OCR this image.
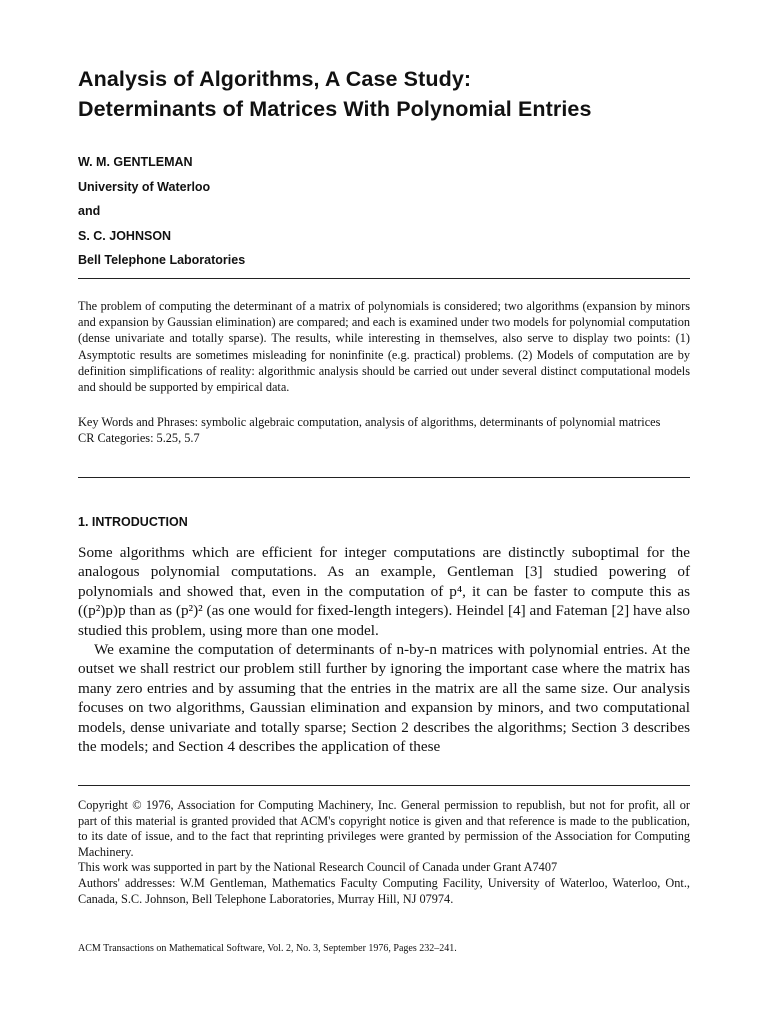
Analysis of Algorithms, A Case Study:
Determinants of Matrices With Polynomial Entries
W. M. GENTLEMAN
University of Waterloo
and
S. C. JOHNSON
Bell Telephone Laboratories

The problem of computing the determinant of a matrix of polynomials is considered; two algorithms (expansion by minors and expansion by Gaussian elimination) are compared; and each is examined under two models for polynomial computation (dense univariate and totally sparse). The results, while interesting in themselves, also serve to display two points: (1) Asymptotic results are sometimes misleading for noninfinite (e.g. practical) problems. (2) Models of computation are by definition simplifications of reality: algorithmic analysis should be carried out under several distinct computational models and should be supported by empirical data.

Key Words and Phrases: symbolic algebraic computation, analysis of algorithms, determinants of polynomial matrices
CR Categories: 5.25, 5.7
1. INTRODUCTION

Some algorithms which are efficient for integer computations are distinctly suboptimal for the analogous polynomial computations. As an example, Gentleman [3] studied powering of polynomials and showed that, even in the computation of p⁴, it can be faster to compute this as ((p²)p)p than as (p²)² (as one would for fixed-length integers). Heindel [4] and Fateman [2] have also studied this problem, using more than one model.

We examine the computation of determinants of n-by-n matrices with polynomial entries. At the outset we shall restrict our problem still further by ignoring the important case where the matrix has many zero entries and by assuming that the entries in the matrix are all the same size. Our analysis focuses on two algorithms, Gaussian elimination and expansion by minors, and two computational models, dense univariate and totally sparse; Section 2 describes the algorithms; Section 3 describes the models; and Section 4 describes the application of these

Copyright © 1976, Association for Computing Machinery, Inc. General permission to republish, but not for profit, all or part of this material is granted provided that ACM's copyright notice is given and that reference is made to the publication, to its date of issue, and to the fact that reprinting privileges were granted by permission of the Association for Computing Machinery.

This work was supported in part by the National Research Council of Canada under Grant A7407

Authors' addresses: W.M Gentleman, Mathematics Faculty Computing Facility, University of Waterloo, Waterloo, Ont., Canada, S.C. Johnson, Bell Telephone Laboratories, Murray Hill, NJ 07974.

ACM Transactions on Mathematical Software, Vol. 2, No. 3, September 1976, Pages 232–241.
